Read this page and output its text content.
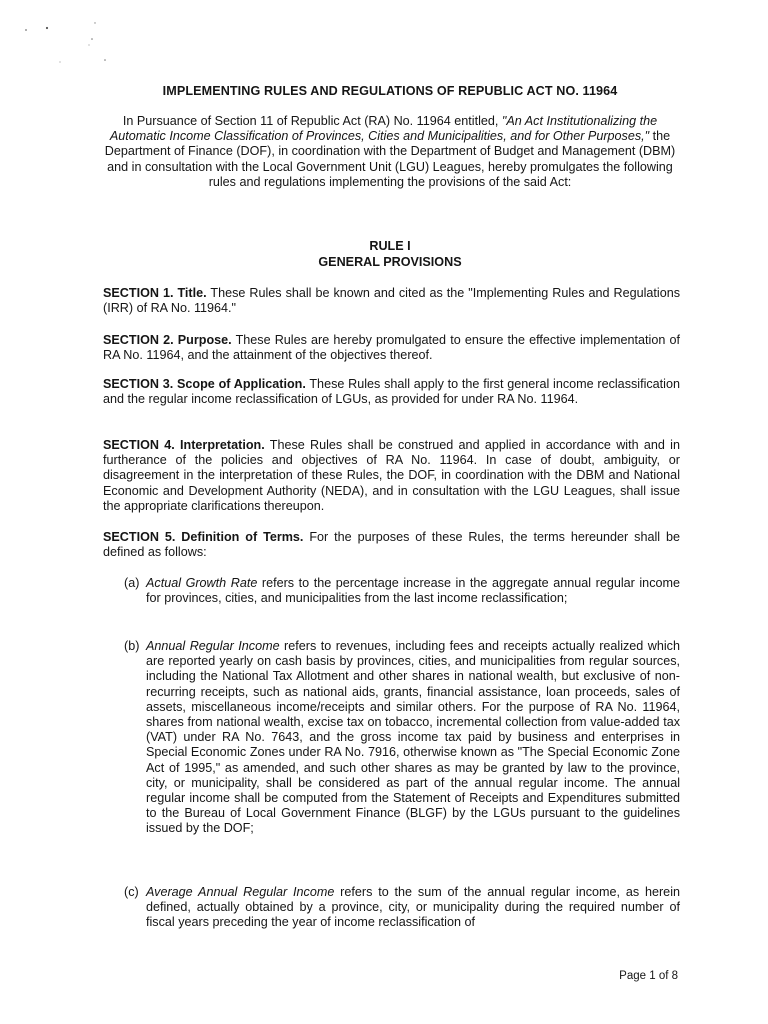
IMPLEMENTING RULES AND REGULATIONS OF REPUBLIC ACT NO. 11964
In Pursuance of Section 11 of Republic Act (RA) No. 11964 entitled, "An Act Institutionalizing the Automatic Income Classification of Provinces, Cities and Municipalities, and for Other Purposes," the Department of Finance (DOF), in coordination with the Department of Budget and Management (DBM) and in consultation with the Local Government Unit (LGU) Leagues, hereby promulgates the following rules and regulations implementing the provisions of the said Act:
RULE I
GENERAL PROVISIONS
SECTION 1. Title. These Rules shall be known and cited as the "Implementing Rules and Regulations (IRR) of RA No. 11964."
SECTION 2. Purpose. These Rules are hereby promulgated to ensure the effective implementation of RA No. 11964, and the attainment of the objectives thereof.
SECTION 3. Scope of Application. These Rules shall apply to the first general income reclassification and the regular income reclassification of LGUs, as provided for under RA No. 11964.
SECTION 4. Interpretation. These Rules shall be construed and applied in accordance with and in furtherance of the policies and objectives of RA No. 11964. In case of doubt, ambiguity, or disagreement in the interpretation of these Rules, the DOF, in coordination with the DBM and National Economic and Development Authority (NEDA), and in consultation with the LGU Leagues, shall issue the appropriate clarifications thereupon.
SECTION 5. Definition of Terms. For the purposes of these Rules, the terms hereunder shall be defined as follows:
(a) Actual Growth Rate refers to the percentage increase in the aggregate annual regular income for provinces, cities, and municipalities from the last income reclassification;
(b) Annual Regular Income refers to revenues, including fees and receipts actually realized which are reported yearly on cash basis by provinces, cities, and municipalities from regular sources, including the National Tax Allotment and other shares in national wealth, but exclusive of non-recurring receipts, such as national aids, grants, financial assistance, loan proceeds, sales of assets, miscellaneous income/receipts and similar others. For the purpose of RA No. 11964, shares from national wealth, excise tax on tobacco, incremental collection from value-added tax (VAT) under RA No. 7643, and the gross income tax paid by business and enterprises in Special Economic Zones under RA No. 7916, otherwise known as "The Special Economic Zone Act of 1995," as amended, and such other shares as may be granted by law to the province, city, or municipality, shall be considered as part of the annual regular income. The annual regular income shall be computed from the Statement of Receipts and Expenditures submitted to the Bureau of Local Government Finance (BLGF) by the LGUs pursuant to the guidelines issued by the DOF;
(c) Average Annual Regular Income refers to the sum of the annual regular income, as herein defined, actually obtained by a province, city, or municipality during the required number of fiscal years preceding the year of income reclassification of
Page 1 of 8
